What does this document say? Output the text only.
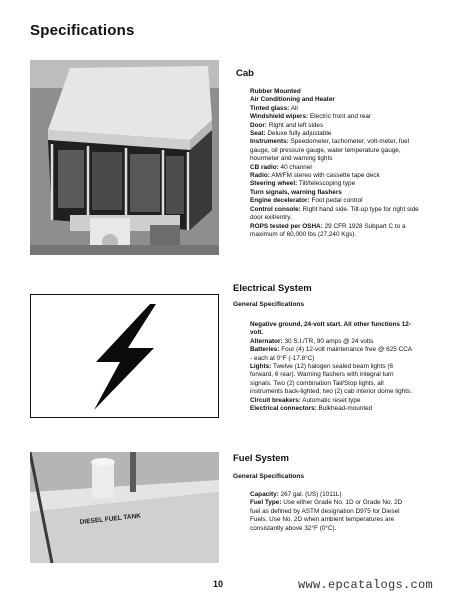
Specifications
Cab
Rubber Mounted
Air Conditioning and Heater
Tinted glass: All
Windshield wipers: Electric front and rear
Door: Right and left sides
Seat: Deluxe fully adjustable
Instruments: Speedometer, tachometer, volt-meter, fuel gauge, oil pressure gauge, water temperature gauge, hourmeter and warning lights
CB radio: 40 channel
Radio: AM/FM stereo with cassette tape deck
Steering wheel: Tilt/telescoping type
Turn signals, warning flashers
Engine decelerator: Foot pedal control
Control console: Right hand side. Tilt-up type for right side door exit/entry.
ROPS tested per OSHA: 29 CFR 1928 Subpart C to a maximum of 60,000 lbs (27,240 Kgs).
Electrical System
General Specifications
Negative ground, 24-volt start. All other functions 12-volt.
Alternator: 30 S.I./TR, 90 amps @ 24 volts
Batteries: Four (4) 12-volt maintenance free @ 625 CCA - each at 0°F (-17.8°C)
Lights: Twelve (12) halogen sealed beam lights (6 forward, 6 rear). Warning flashers with integral turn signals. Two (2) combination Tail/Stop lights, all instruments back-lighted; two (2) cab interior dome lights.
Circuit breakers: Automatic reset type
Electrical connectors: Bulkhead-mounted
DIESEL FUEL TANK
Fuel System
General Specifications
Capacity: 267 gal. (US) (1011L)
Fuel Type: Use either Grade No. 1D or Grade No. 2D fuel as defined by ASTM designation D975 for Diesel Fuels. Use No. 2D when ambient temperatures are consistantly above 32°F (0°C).
10	www.epcatalogs.com
